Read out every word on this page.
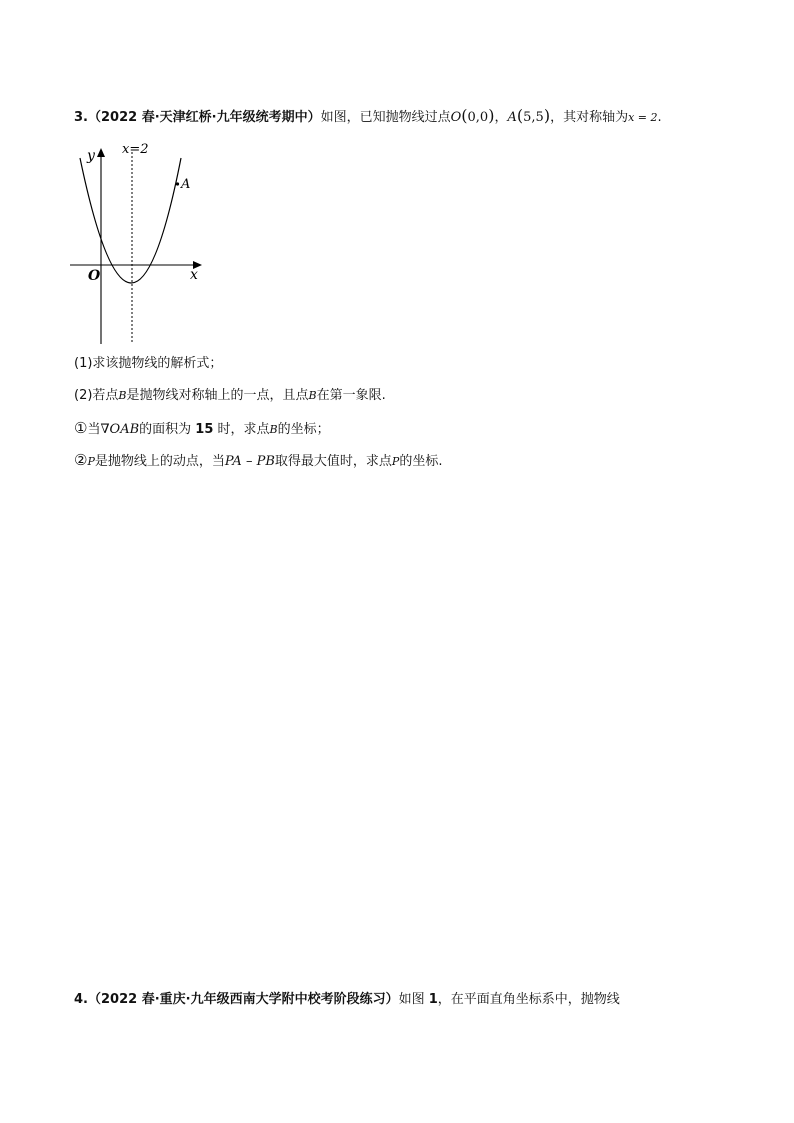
3.（2022 春·天津红桥·九年级统考期中）如图，已知抛物线过点O(0,0)，A(5,5)，其对称轴为x = 2.
y
x
O
x=2
A
(1)求该抛物线的解析式；
(2)若点B是抛物线对称轴上的一点，且点B在第一象限.
①当∇OAB的面积为 15 时，求点B的坐标；
②P是抛物线上的动点，当PA – PB取得最大值时，求点P的坐标.
4.（2022 春·重庆·九年级西南大学附中校考阶段练习）如图 1，在平面直角坐标系中，抛物线
